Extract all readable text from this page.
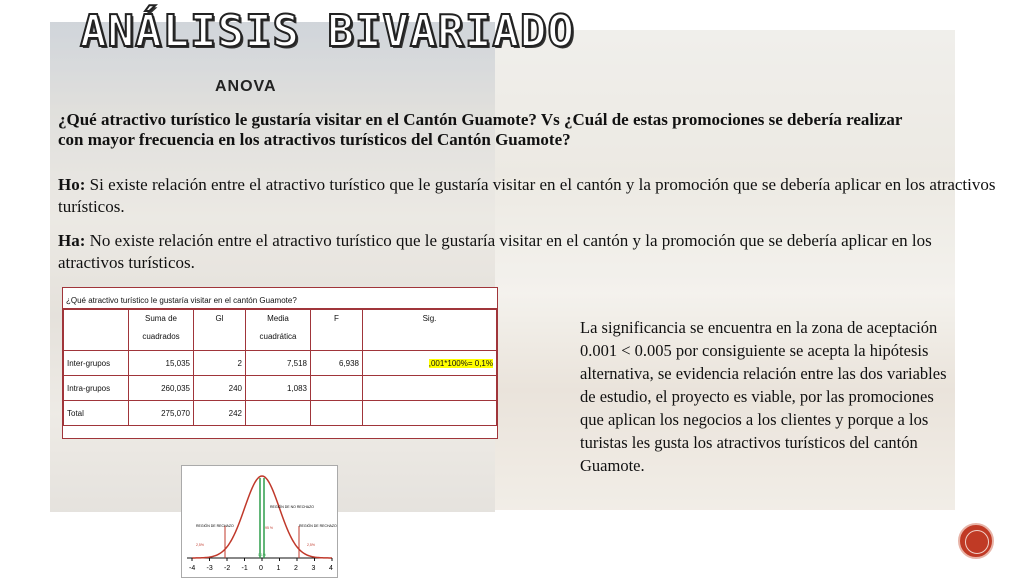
ANÁLISIS BIVARIADO
ANOVA
¿Qué atractivo turístico le gustaría visitar en el Cantón Guamote? Vs ¿Cuál de estas promociones se debería realizar con mayor frecuencia en los atractivos turísticos del Cantón Guamote?
Ho: Si existe relación entre el atractivo turístico que le gustaría visitar en el cantón y la promoción que se debería aplicar en los atractivos turísticos.
Ha: No existe relación entre el atractivo turístico que le gustaría visitar en el cantón y la promoción que se debería aplicar en los atractivos turísticos.
¿Qué atractivo turístico le gustaría visitar en el cantón Guamote?
	Suma de cuadrados	Gl	Media cuadrática	F	Sig.
Inter-grupos	15,035	2	7,518	6,938	,001*100%= 0,1%
Intra-grupos	260,035	240	1,083		
Total	275,070	242			
La significancia se encuentra en la zona de aceptación 0.001 < 0.005 por consiguiente se acepta la hipótesis alternativa, se evidencia relación entre las dos variables de estudio, el proyecto es viable, por las promociones que aplican los negocios a los clientes y porque a los turistas les gusta los atractivos turísticos del cantón Guamote.
REGIÓN DE NO RECHAZO
REGIÓN DE RECHAZO	REGIÓN DE RECHAZO
95 %
2,5%	2,5%
0,1%
-4 -3 -2 -1 0 1 2 3 4
